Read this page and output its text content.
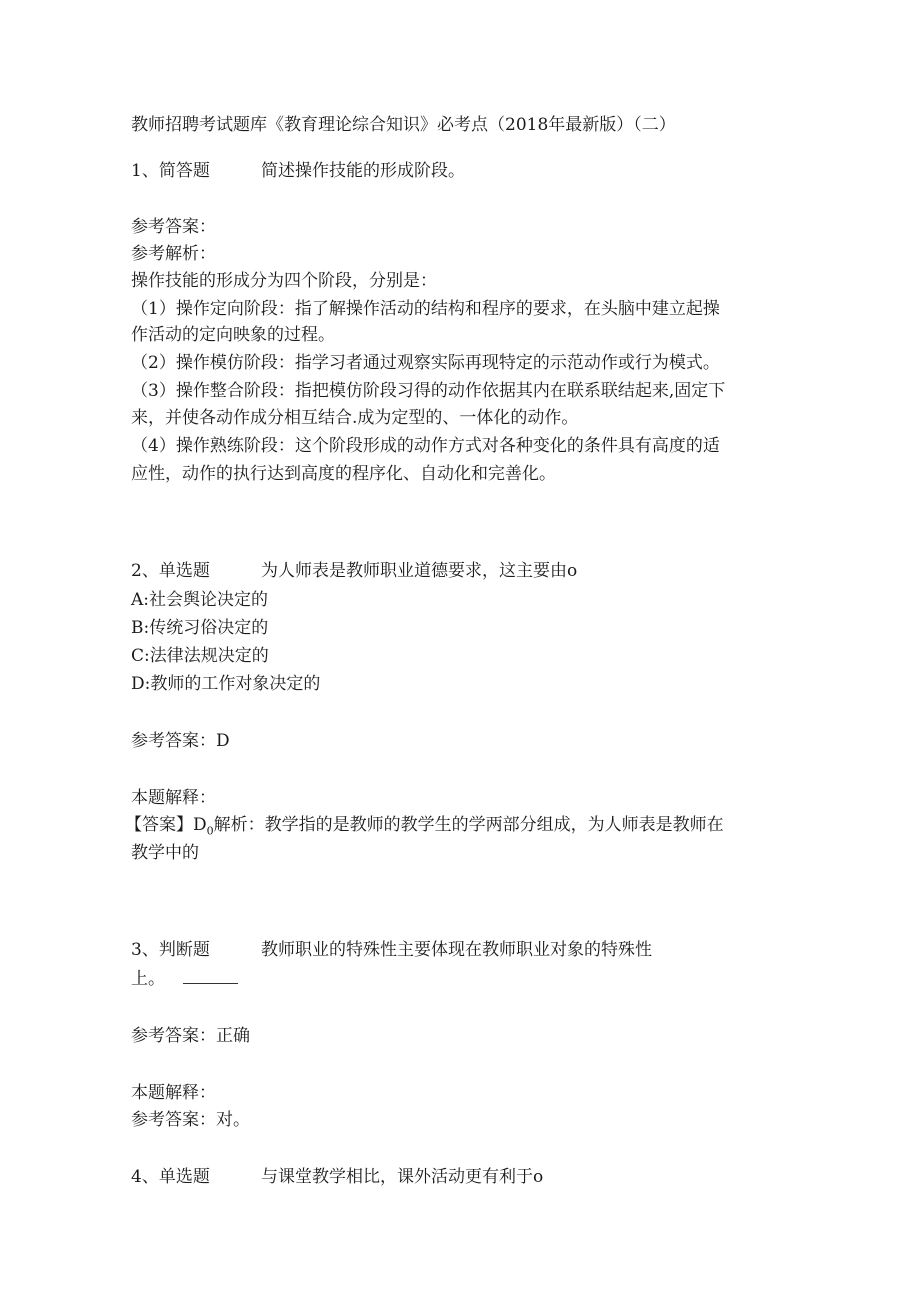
教师招聘考试题库《教育理论综合知识》必考点（2018年最新版）（二）
1、简答题	简述操作技能的形成阶段。
参考答案：
参考解析：
操作技能的形成分为四个阶段，分别是：
（1）操作定向阶段：指了解操作活动的结构和程序的要求，在头脑中建立起操
作活动的定向映象的过程。
（2）操作模仿阶段：指学习者通过观察实际再现特定的示范动作或行为模式。
（3）操作整合阶段：指把模仿阶段习得的动作依据其内在联系联结起来,固定下
来，并使各动作成分相互结合.成为定型的、一体化的动作。
（4）操作熟练阶段：这个阶段形成的动作方式对各种变化的条件具有高度的适
应性，动作的执行达到高度的程序化、自动化和完善化。
2、单选题	为人师表是教师职业道德要求，这主要由o
A:社会舆论决定的
B:传统习俗决定的
C:法律法规决定的
D:教师的工作对象决定的
参考答案：D
本题解释：
【答案】$D_0$解析：教学指的是教师的教学生的学两部分组成，为人师表是教师在
教学中的
3、判断题	教师职业的特殊性主要体现在教师职业对象的特殊性
上。
参考答案：正确
本题解释：
参考答案：对。
4、单选题	与课堂教学相比，课外活动更有利于o
